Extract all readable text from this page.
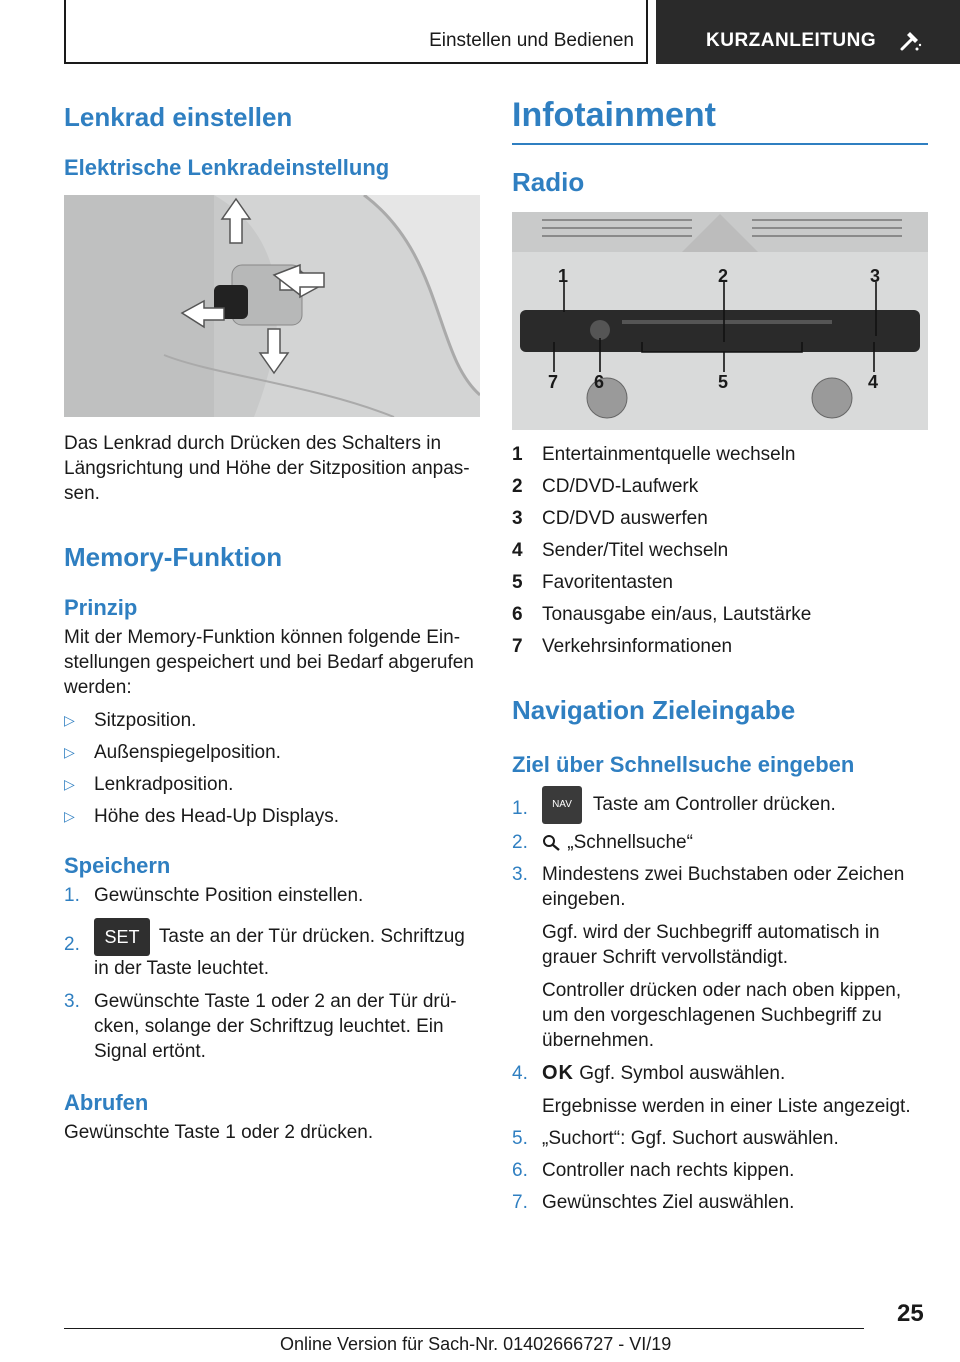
Einstellen und Bedienen	KURZANLEITUNG
Lenkrad einstellen
Elektrische Lenkradeinstellung

Das Lenkrad durch Drücken des Schalters in Längsrichtung und Höhe der Sitzposition anpassen.

Memory-Funktion
Prinzip

Mit der Memory-Funktion können folgende Einstellungen gespeichert und bei Bedarf abgerufen werden:

▷ Sitzposition.
▷ Außenspiegelposition.
▷ Lenkradposition.
▷ Höhe des Head-Up Displays.
Speichern
1. Gewünschte Position einstellen.
2. SET Taste an der Tür drücken. Schriftzug in der Taste leuchtet.
3. Gewünschte Taste 1 oder 2 an der Tür drücken, solange der Schriftzug leuchtet. Ein Signal ertönt.
Abrufen

Gewünschte Taste 1 oder 2 drücken.

Infotainment
Radio
1	2	3
7 6	5	4
1 Entertainmentquelle wechseln
2 CD/DVD-Laufwerk
3 CD/DVD auswerfen
4 Sender/Titel wechseln
5 Favoritentasten
6 Tonausgabe ein/aus, Lautstärke
7 Verkehrsinformationen
Navigation Zieleingabe
Ziel über Schnellsuche eingeben
1. NAV Taste am Controller drücken.
2. „Schnellsuche“
3. Mindestens zwei Buchstaben oder Zeichen eingeben.
Ggf. wird der Suchbegriff automatisch in grauer Schrift vervollständigt.
Controller drücken oder nach oben kippen, um den vorgeschlagenen Suchbegriff zu übernehmen.
4. OK Ggf. Symbol auswählen.
Ergebnisse werden in einer Liste angezeigt.
5. „Suchort“: Ggf. Suchort auswählen.
6. Controller nach rechts kippen.
7. Gewünschtes Ziel auswählen.
25
Online Version für Sach-Nr. 01402666727 - VI/19
